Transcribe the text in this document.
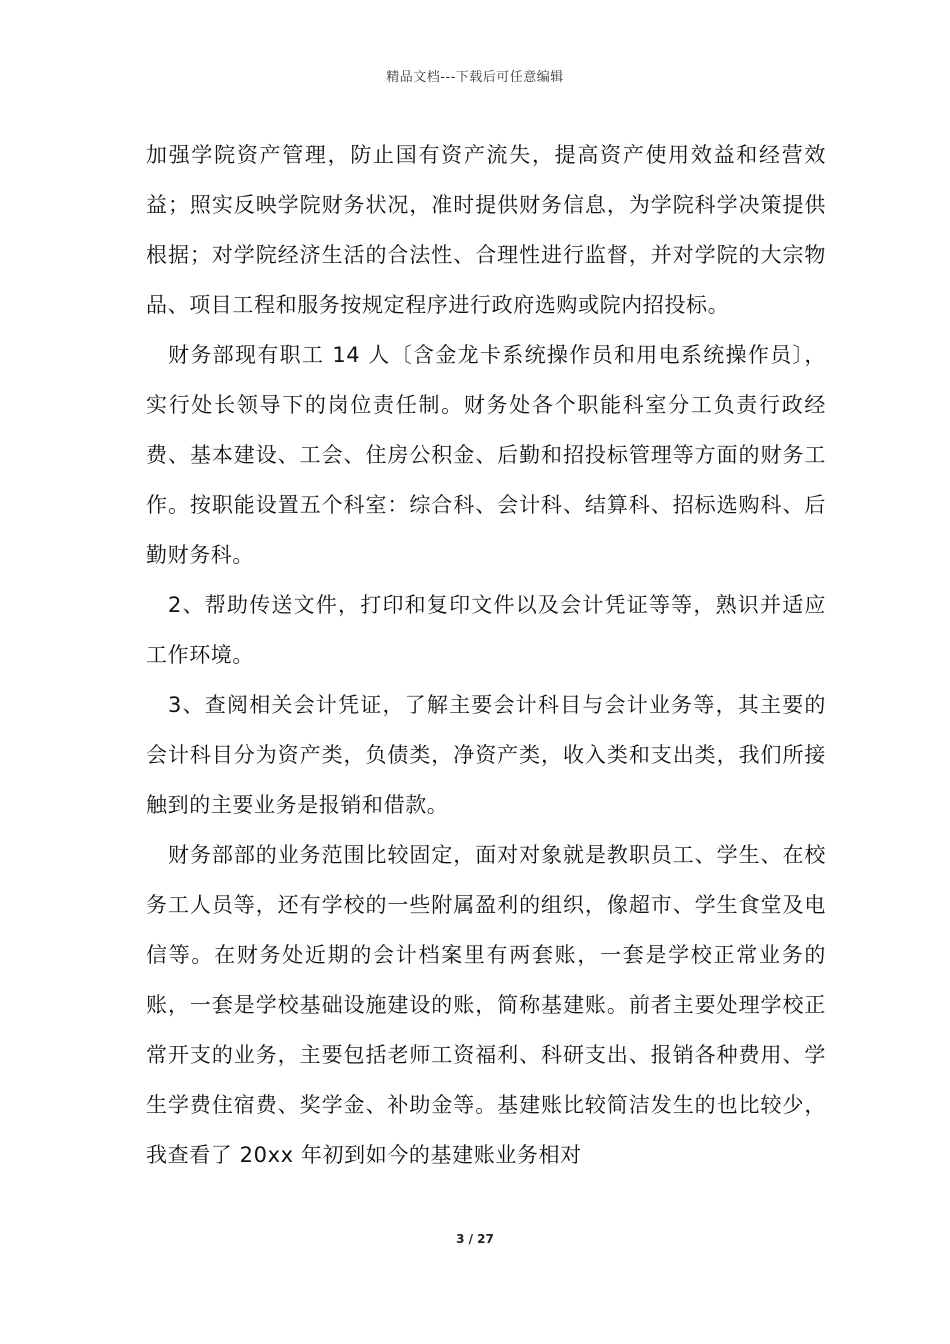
精品文档---下载后可任意编辑

加强学院资产管理，防止国有资产流失，提高资产使用效益和经营效益；照实反映学院财务状况，准时提供财务信息，为学院科学决策提供根据；对学院经济生活的合法性、合理性进行监督，并对学院的大宗物品、项目工程和服务按规定程序进行政府选购或院内招投标。

财务部现有职工 14 人〔含金龙卡系统操作员和用电系统操作员〕，实行处长领导下的岗位责任制。财务处各个职能科室分工负责行政经费、基本建设、工会、住房公积金、后勤和招投标管理等方面的财务工作。按职能设置五个科室：综合科、会计科、结算科、招标选购科、后勤财务科。

2、帮助传送文件，打印和复印文件以及会计凭证等等，熟识并适应工作环境。

3、查阅相关会计凭证，了解主要会计科目与会计业务等，其主要的会计科目分为资产类，负债类，净资产类，收入类和支出类，我们所接触到的主要业务是报销和借款。

财务部部的业务范围比较固定，面对对象就是教职员工、学生、在校务工人员等，还有学校的一些附属盈利的组织，像超市、学生食堂及电信等。在财务处近期的会计档案里有两套账，一套是学校正常业务的账，一套是学校基础设施建设的账，简称基建账。前者主要处理学校正常开支的业务，主要包括老师工资福利、科研支出、报销各种费用、学生学费住宿费、奖学金、补助金等。基建账比较简洁发生的也比较少，我查看了 20xx 年初到如今的基建账业务相对

3 / 27
